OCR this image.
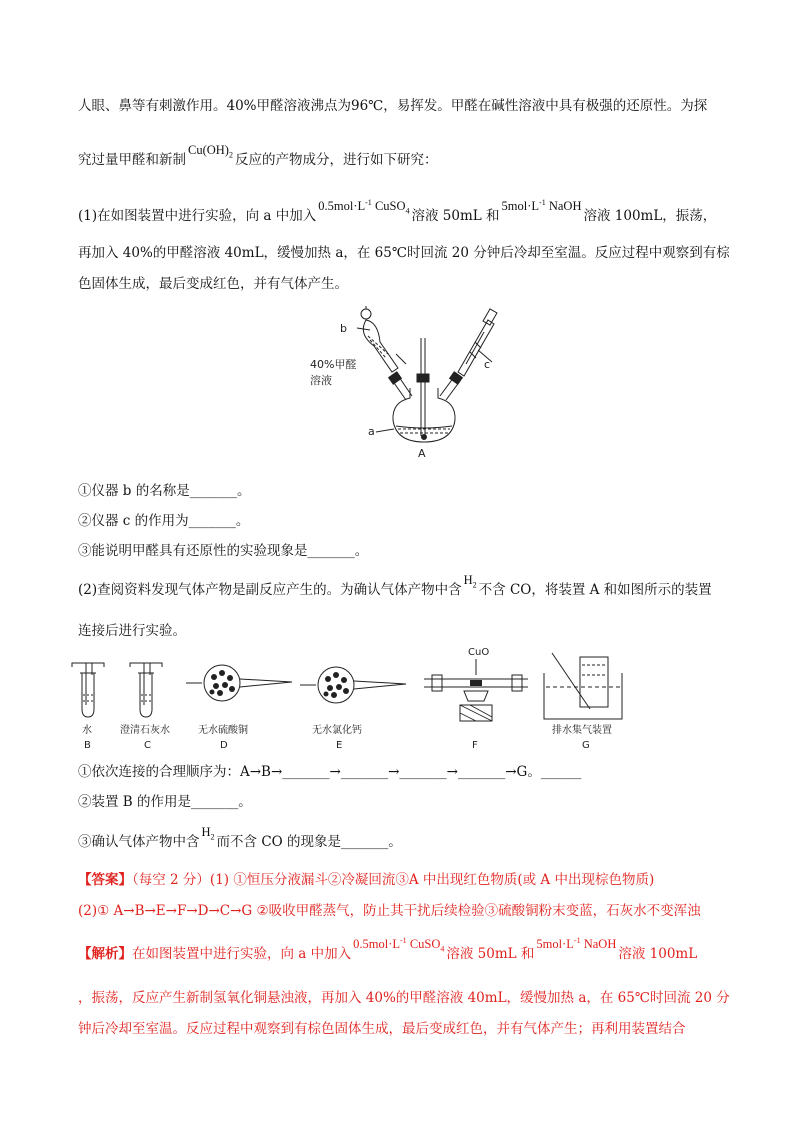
人眼、鼻等有刺激作用。40%甲醛溶液沸点为96℃，易挥发。甲醛在碱性溶液中具有极强的还原性。为探
究过量甲醛和新制$Cu(OH)_2$ 反应的产物成分，进行如下研究：
(1)在如图装置中进行实验，向 a 中加入$0.5mol\cdot L^{-1}$ CuSO$_4$ 溶液 50mL 和$5mol\cdot L^{-1}$ NaOH溶液 100mL，振荡，
再加入 40%的甲醛溶液 40mL，缓慢加热 a，在 65℃时回流 20 分钟后冷却至室温。反应过程中观察到有棕
色固体生成，最后变成红色，并有气体产生。
b
c
a
A
40%甲醛
溶液
①仪器 b 的名称是_______。
②仪器 c 的作用为_______。
③能说明甲醛具有还原性的实验现象是_______。
(2)查阅资料发现气体产物是副反应产生的。为确认气体产物中含$H_2$ 不含 CO，将装置 A 和如图所示的装置
连接后进行实验。
CuO
水	澄清石灰水	无水硫酸铜	无水氯化钙	排水集气装置
B	C	D	E	F	G
①依次连接的合理顺序为：A→B→_______→_______→_______→_______→G。______
②装置 B 的作用是_______。
③确认气体产物中含$H_2$ 而不含 CO 的现象是_______。
【答案】（每空 2 分）(1) ①恒压分液漏斗②冷凝回流③A 中出现红色物质(或 A 中出现棕色物质)
(2)① A→B→E→F→D→C→G ②吸收甲醛蒸气，防止其干扰后续检验③硫酸铜粉末变蓝，石灰水不变浑浊
【解析】在如图装置中进行实验，向 a 中加入$0.5mol\cdot L^{-1}$ CuSO$_4$ 溶液 50mL 和$5mol\cdot L^{-1}$ NaOH溶液 100mL
，振荡，反应产生新制氢氧化铜悬浊液，再加入 40%的甲醛溶液 40mL，缓慢加热 a，在 65℃时回流 20 分
钟后冷却至室温。反应过程中观察到有棕色固体生成，最后变成红色，并有气体产生；再利用装置结合
